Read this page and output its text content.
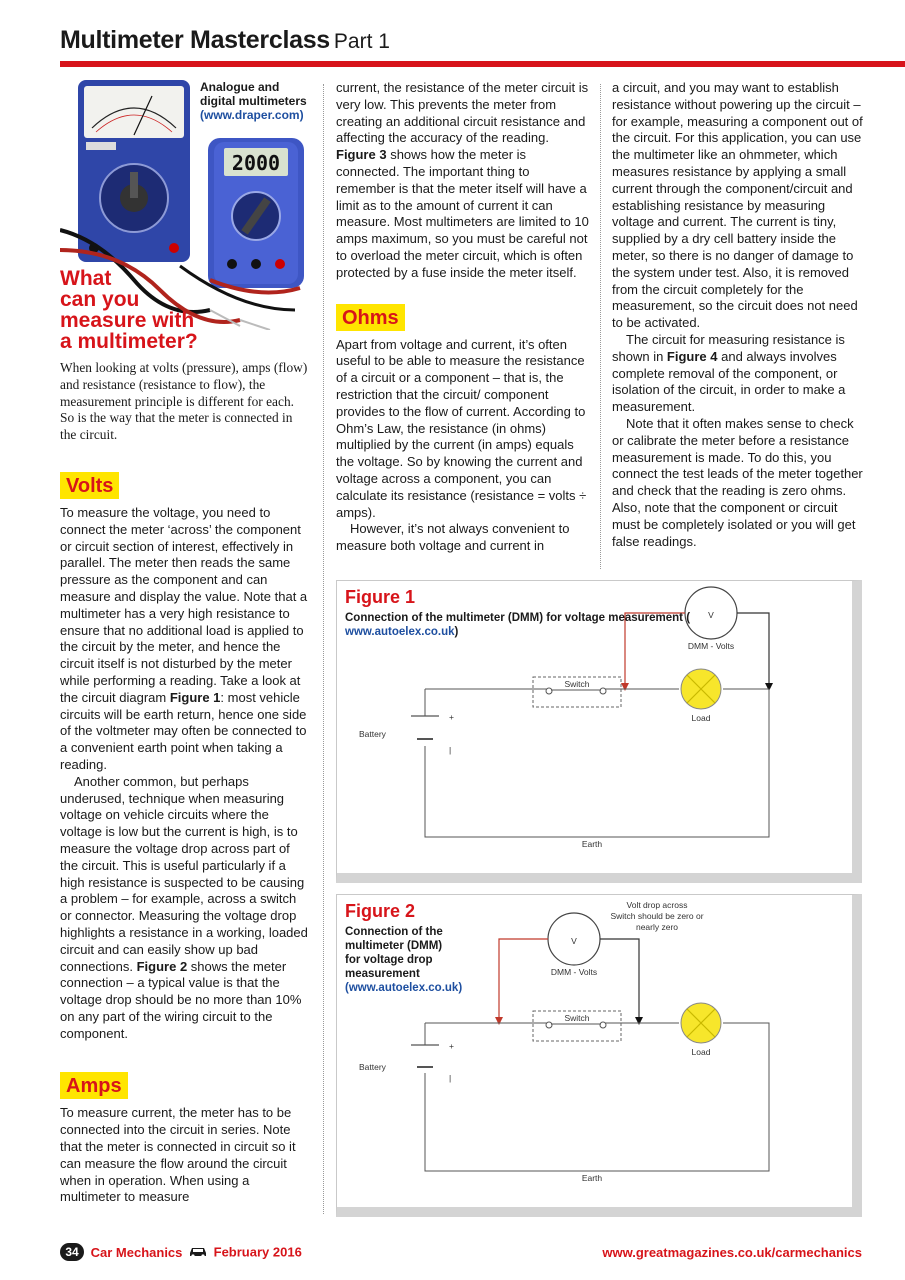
Multimeter Masterclass Part 1
2000
Analogue and
digital multimeters
(www.draper.com)
What
can you
measure with
a multimeter?

When looking at volts (pressure), amps (flow) and resistance (resistance to flow), the measurement principle is different for each. So is the way that the meter is connected in the circuit.

Volts

To measure the voltage, you need to connect the meter ‘across’ the component or circuit section of interest, effectively in parallel. The meter then reads the same pressure as the component and can measure and display the value. Note that a multimeter has a very high resistance to ensure that no additional load is applied to the circuit by the meter, and hence the circuit itself is not disturbed by the meter while performing a reading. Take a look at the circuit diagram Figure 1: most vehicle circuits will be earth return, hence one side of the voltmeter may often be connected to a convenient earth point when taking a reading.

Another common, but perhaps underused, technique when measuring voltage on vehicle circuits where the voltage is low but the current is high, is to measure the voltage drop across part of the circuit. This is useful particularly if a high resistance is suspected to be causing a problem – for example, across a switch or connector. Measuring the voltage drop highlights a resistance in a working, loaded circuit and can easily show up bad connections. Figure 2 shows the meter connection – a typical value is that the voltage drop should be no more than 10% on any part of the wiring circuit to the component.

Amps

To measure current, the meter has to be connected into the circuit in series. Note that the meter is connected in circuit so it can measure the flow around the circuit when in operation. When using a multimeter to measure

current, the resistance of the meter circuit is very low. This prevents the meter from creating an additional circuit resistance and affecting the accuracy of the reading. Figure 3 shows how the meter is connected. The important thing to remember is that the meter itself will have a limit as to the amount of current it can measure. Most multimeters are limited to 10 amps maximum, so you must be careful not to overload the meter circuit, which is often protected by a fuse inside the meter itself.

Ohms

Apart from voltage and current, it’s often useful to be able to measure the resistance of a circuit or a component – that is, the restriction that the circuit/ component provides to the flow of current. According to Ohm’s Law, the resistance (in ohms) multiplied by the current (in amps) equals the voltage. So by knowing the current and voltage across a component, you can calculate its resistance (resistance = volts ÷ amps).

However, it’s not always convenient to measure both voltage and current in

a circuit, and you may want to establish resistance without powering up the circuit – for example, measuring a component out of the circuit. For this application, you can use the multimeter like an ohmmeter, which measures resistance by applying a small current through the component/circuit and establishing resistance by measuring voltage and current. The current is tiny, supplied by a dry cell battery inside the meter, so there is no danger of damage to the system under test. Also, it is removed from the circuit completely for the measurement, so the circuit does not need to be activated.

The circuit for measuring resistance is shown in Figure 4 and always involves complete removal of the component, or isolation of the circuit, in order to make a measurement.

Note that it often makes sense to check or calibrate the meter before a resistance measurement is made. To do this, you connect the test leads of the meter together and check that the reading is zero ohms. Also, note that the component or circuit must be completely isolated or you will get false readings.

V
DMM - Volts
Switch
Load
+
|
Battery
Earth
Figure 1
Connection of the multimeter (DMM) for voltage measurement (
www.autoelex.co.uk)
Volt drop across
Switch should be zero or
nearly zero
V
DMM - Volts
Switch
Load
+
|
Battery
Earth
Figure 2
Connection of the
multimeter (DMM)
for voltage drop
measurement
(www.autoelex.co.uk)
34 Car Mechanics February 2016	www.greatmagazines.co.uk/carmechanics
